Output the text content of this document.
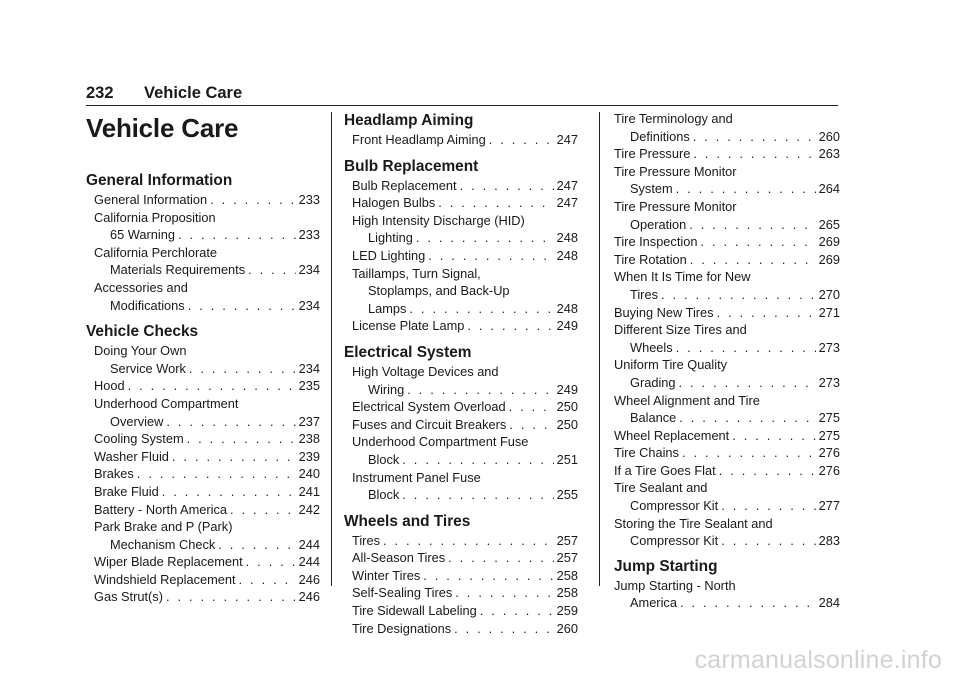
232 Vehicle Care
Vehicle Care
General Information
General Information . . .	233
California Proposition
65 Warning . . .	233
California Perchlorate
Materials Requirements . . .	234
Accessories and
Modifications . . .	234
Vehicle Checks
Doing Your Own
Service Work . . .	234
Hood . . .	235
Underhood Compartment
Overview . . .	237
Cooling System . . .	238
Washer Fluid . . .	239
Brakes . . .	240
Brake Fluid . . .	241
Battery - North America . . .	242
Park Brake and P (Park)
Mechanism Check . . .	244
Wiper Blade Replacement . . .	244
Windshield Replacement . . .	246
Gas Strut(s) . . .	246
Headlamp Aiming
Front Headlamp Aiming . . .	247
Bulb Replacement
Bulb Replacement . . .	247
Halogen Bulbs . . .	247
High Intensity Discharge (HID)
Lighting . . .	248
LED Lighting . . .	248
Taillamps, Turn Signal,
Stoplamps, and Back-Up
Lamps . . .	248
License Plate Lamp . . .	249
Electrical System
High Voltage Devices and
Wiring . . .	249
Electrical System Overload . . .	250
Fuses and Circuit Breakers . . .	250
Underhood Compartment Fuse
Block . . .	251
Instrument Panel Fuse
Block . . .	255
Wheels and Tires
Tires . . .	257
All-Season Tires . . .	257
Winter Tires . . .	258
Self-Sealing Tires . . .	258
Tire Sidewall Labeling . . .	259
Tire Designations . . .	260
Tire Terminology and
Definitions . . .	260
Tire Pressure . . .	263
Tire Pressure Monitor
System . . .	264
Tire Pressure Monitor
Operation . . .	265
Tire Inspection . . .	269
Tire Rotation . . .	269
When It Is Time for New
Tires . . .	270
Buying New Tires . . .	271
Different Size Tires and
Wheels . . .	273
Uniform Tire Quality
Grading . . .	273
Wheel Alignment and Tire
Balance . . .	275
Wheel Replacement . . .	275
Tire Chains . . .	276
If a Tire Goes Flat . . .	276
Tire Sealant and
Compressor Kit . . .	277
Storing the Tire Sealant and
Compressor Kit . . .	283
Jump Starting
Jump Starting - North
America . . .	284
carmanualsonline.info
